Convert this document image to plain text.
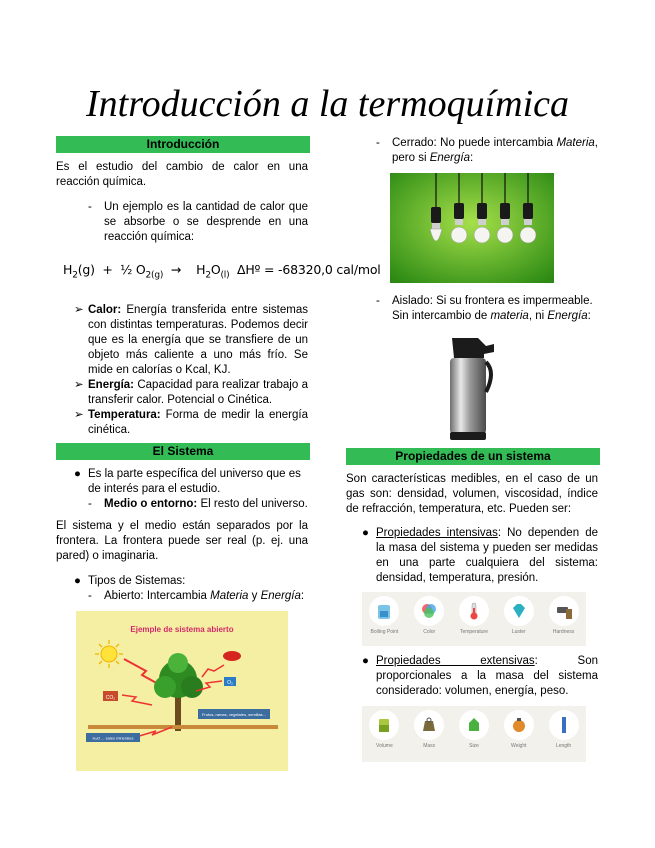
Introducción a la termoquímica
Introducción
Es el estudio del cambio de calor en una reacción química.
- Un ejemplo es la cantidad de calor que se absorbe o se desprende en una reacción química:
$H_2(g)$  +  ½ $O_{2(g)}$  →    $H_2O_{(l)}$  ΔHº = -68320,0 cal/mol
➢ Calor: Energía transferida entre sistemas con distintas temperaturas. Podemos decir que es la energía que se transfiere de un objeto más caliente a uno más frío. Se mide en calorías o Kcal, KJ.
➢ Energía: Capacidad para realizar trabajo a transferir calor. Potencial o Cinética.
➢ Temperatura: Forma de medir la energía cinética.
El Sistema
● Es la parte específica del universo que es de interés para el estudio.
- Medio o entorno: El resto del universo.
El sistema y el medio están separados por la frontera. La frontera puede ser real (p. ej. una pared) o imaginaria.
● Tipos de Sistemas:
- Abierto: Intercambia Materia y Energía:
Ejemple de sistema abierto
CO₂
O₂
Frutos, ramas, vegetales, semillas...
H₂O ... sales minerales
- Cerrado: No puede intercambia Materia, pero si Energía:
- Aislado: Si su frontera es impermeable. Sin intercambio de materia, ni Energía:
Propiedades de un sistema
Son características medibles, en el caso de un gas son: densidad, volumen, viscosidad, índice de refracción, temperatura, etc. Pueden ser:
● Propiedades intensivas: No dependen de la masa del sistema y pueden ser medidas en una parte cualquiera del sistema: densidad, temperatura, presión.
Boiling Point	Color	Temperature	Luster	Hardness
● Propiedades extensivas: Son proporcionales a la masa del sistema considerado: volumen, energía, peso.
Volume	Mass	Size	Weight	Length
